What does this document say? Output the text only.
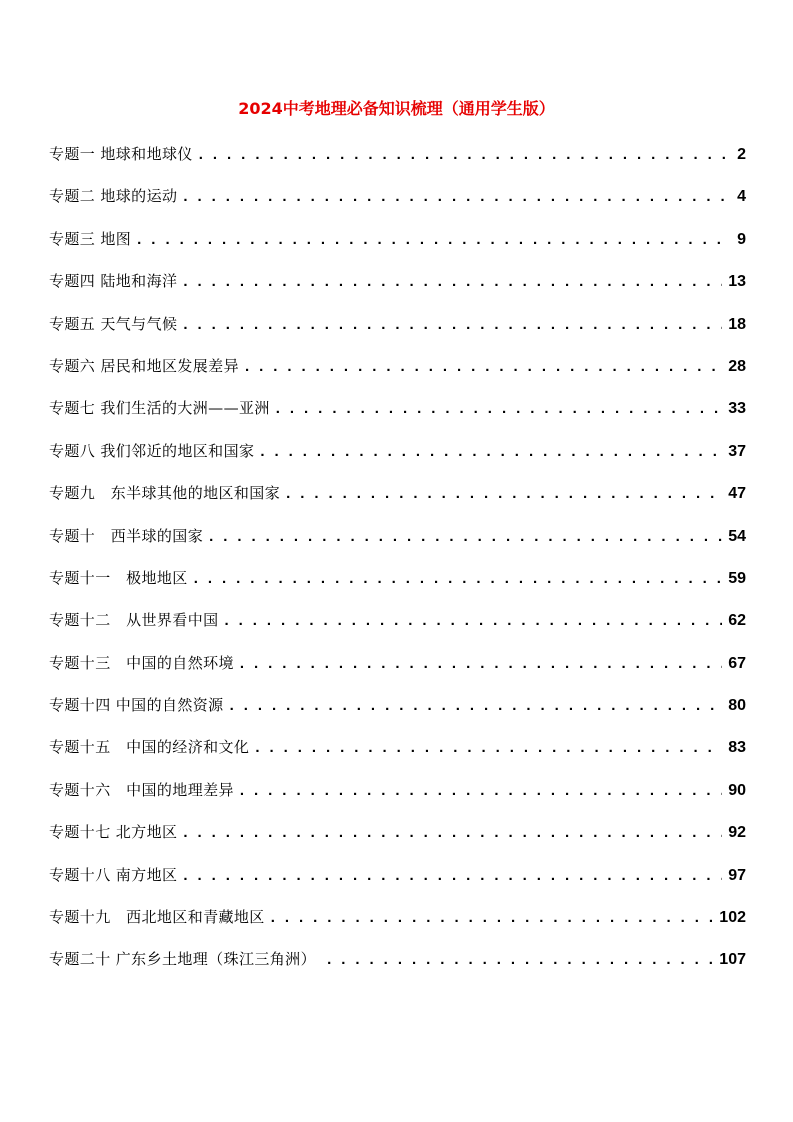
2024中考地理必备知识梳理（通用学生版）
专题一 地球和地球仪 . . .	2
专题二 地球的运动 . . .	4
专题三 地图 . . .	9
专题四 陆地和海洋 . . .	13
专题五 天气与气候 . . .	18
专题六 居民和地区发展差异 . . .	28
专题七 我们生活的大洲——亚洲 . . .	33
专题八 我们邻近的地区和国家 . . .	37
专题九   东半球其他的地区和国家 . . .	47
专题十   西半球的国家 . . .	54
专题十一   极地地区 . . .	59
专题十二   从世界看中国 . . .	62
专题十三   中国的自然环境 . . .	67
专题十四 中国的自然资源 . . .	80
专题十五   中国的经济和文化 . . .	83
专题十六   中国的地理差异 . . .	90
专题十七 北方地区 . . .	92
专题十八 南方地区 . . .	97
专题十九   西北地区和青藏地区 . . .	102
专题二十 广东乡土地理（珠江三角洲） . . .	107
